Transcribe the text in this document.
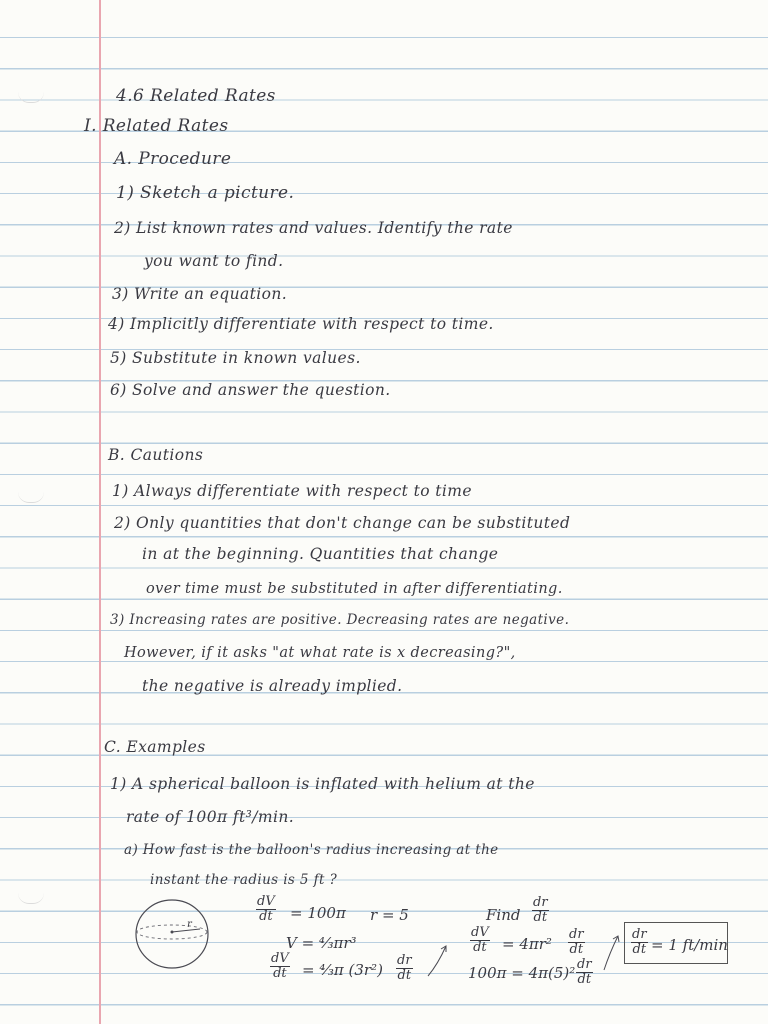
4.6 Related Rates
I. Related Rates
A. Procedure
1) Sketch a picture.
2) List known rates and values. Identify the rate
you want to find.
3) Write an equation.
4) Implicitly differentiate with respect to time.
5) Substitute in known values.
6) Solve and answer the question.
B. Cautions
1) Always differentiate with respect to time
2) Only quantities that don't change can be substituted
in at the beginning. Quantities that change
over time must be substituted in after differentiating.
3) Increasing rates are positive. Decreasing rates are negative.
However, if it asks "at what rate is x decreasing?",
the negative is already implied.
C. Examples
1) A spherical balloon is inflated with helium at the
rate of 100π ft³/min.
a) How fast is the balloon's radius increasing at the
instant the radius is 5 ft ?
r
$\frac{dV}{dt} = 100\pi$ r = 5	Find $\frac{dr}{dt}$
V = ⁴⁄₃πr³
$\frac{dV}{dt}$ = ⁴⁄₃π $(3r^2) \frac{dr}{dt}$
$\frac{dV}{dt} = 4\pi r^2 \frac{dr}{dt}$
$100\pi = 4\pi(5)^2 \frac{dr}{dt}$
$\frac{dr}{dt} = 1$ ft/min
